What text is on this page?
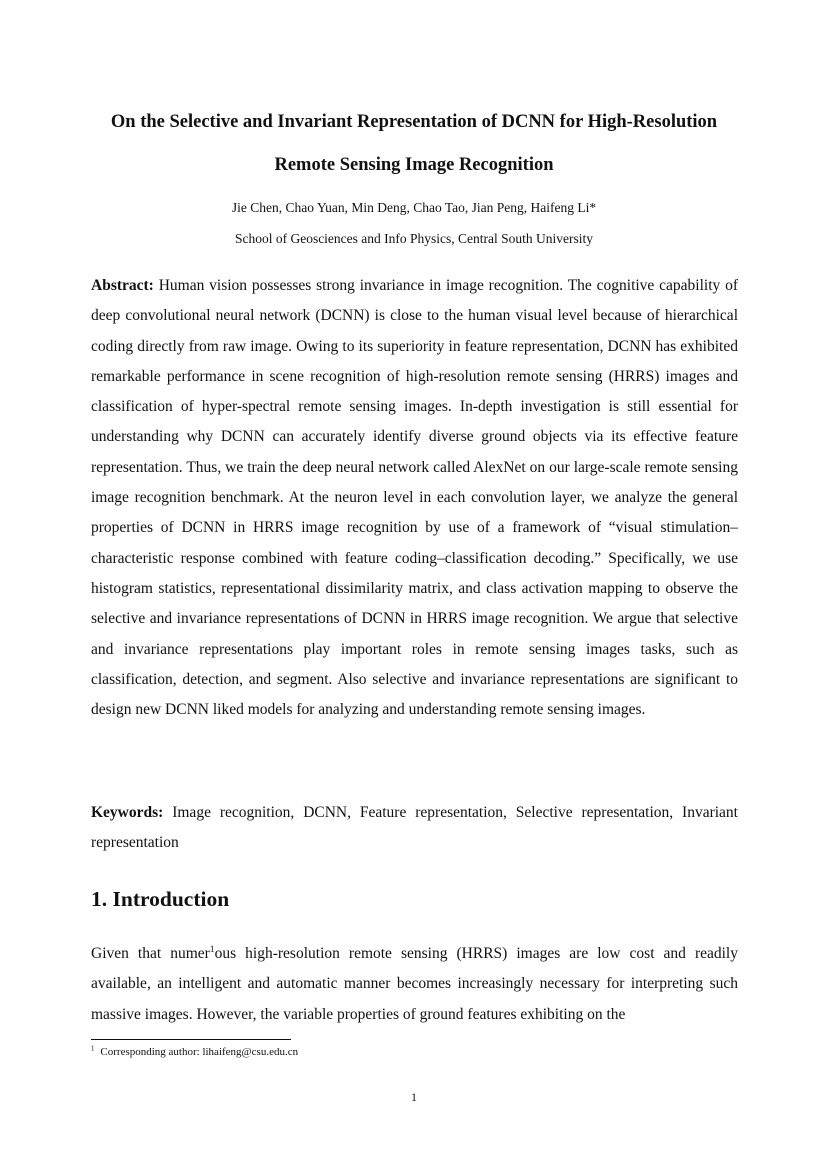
On the Selective and Invariant Representation of DCNN for High-Resolution
Remote Sensing Image Recognition

Jie Chen, Chao Yuan, Min Deng, Chao Tao, Jian Peng, Haifeng Li*

School of Geosciences and Info Physics, Central South University

Abstract: Human vision possesses strong invariance in image recognition. The cognitive capability of deep convolutional neural network (DCNN) is close to the human visual level because of hierarchical coding directly from raw image. Owing to its superiority in feature representation, DCNN has exhibited remarkable performance in scene recognition of high-resolution remote sensing (HRRS) images and classification of hyper-spectral remote sensing images. In-depth investigation is still essential for understanding why DCNN can accurately identify diverse ground objects via its effective feature representation. Thus, we train the deep neural network called AlexNet on our large-scale remote sensing image recognition benchmark. At the neuron level in each convolution layer, we analyze the general properties of DCNN in HRRS image recognition by use of a framework of “visual stimulation–characteristic response combined with feature coding–classification decoding.” Specifically, we use histogram statistics, representational dissimilarity matrix, and class activation mapping to observe the selective and invariance representations of DCNN in HRRS image recognition. We argue that selective and invariance representations play important roles in remote sensing images tasks, such as classification, detection, and segment. Also selective and invariance representations are significant to design new DCNN liked models for analyzing and understanding remote sensing images.

Keywords: Image recognition, DCNN, Feature representation, Selective representation, Invariant representation

1. Introduction

Given that numer$^1$ous high-resolution remote sensing (HRRS) images are low cost and readily available, an intelligent and automatic manner becomes increasingly necessary for interpreting such massive images. However, the variable properties of ground features exhibiting on the

$^1$ Corresponding author: lihaifeng@csu.edu.cn

1
